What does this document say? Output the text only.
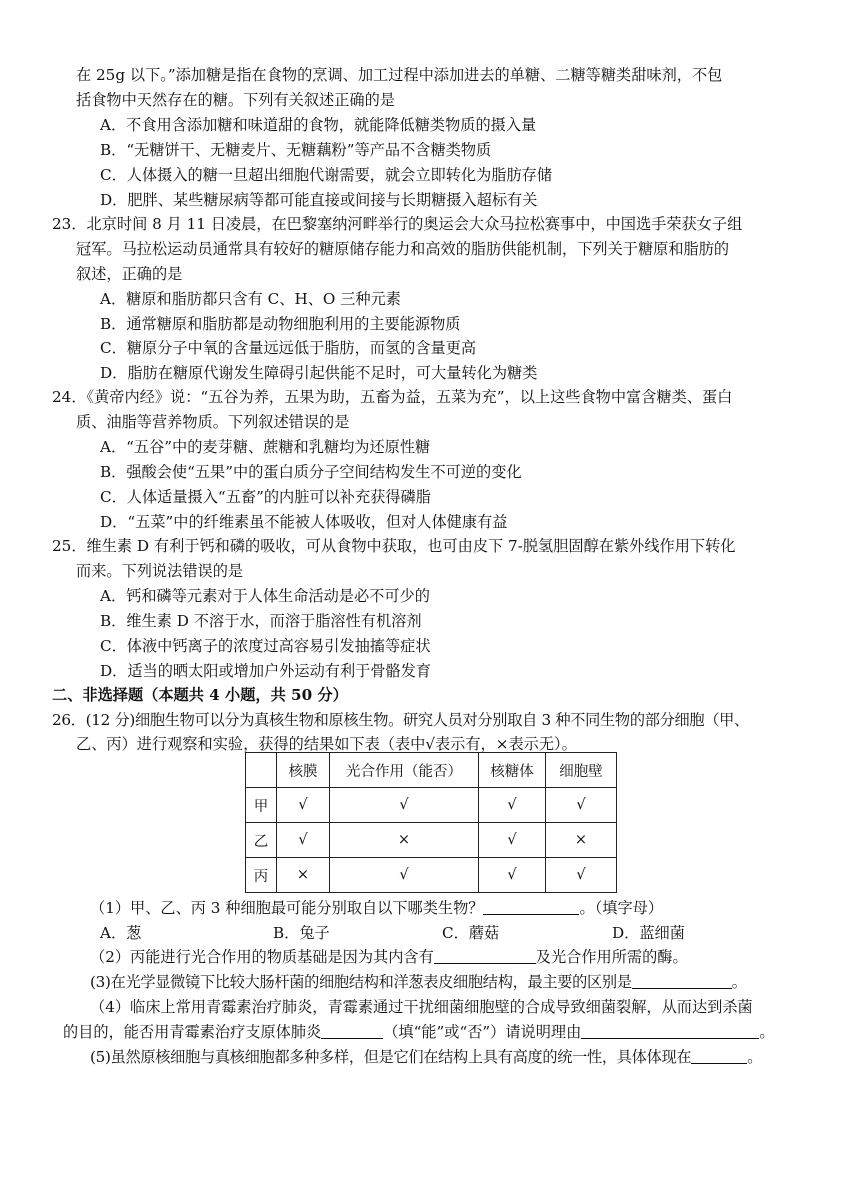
在 25g 以下。”添加糖是指在食物的烹调、加工过程中添加进去的单糖、二糖等糖类甜味剂，不包
括食物中天然存在的糖。下列有关叙述正确的是
A．不食用含添加糖和味道甜的食物，就能降低糖类物质的摄入量
B．“无糖饼干、无糖麦片、无糖藕粉”等产品不含糖类物质
C．人体摄入的糖一旦超出细胞代谢需要，就会立即转化为脂肪存储
D．肥胖、某些糖尿病等都可能直接或间接与长期糖摄入超标有关
23．北京时间 8 月 11 日凌晨，在巴黎塞纳河畔举行的奥运会大众马拉松赛事中，中国选手荣获女子组
冠军。马拉松运动员通常具有较好的糖原储存能力和高效的脂肪供能机制，下列关于糖原和脂肪的
叙述，正确的是
A．糖原和脂肪都只含有 C、H、O 三种元素
B．通常糖原和脂肪都是动物细胞利用的主要能源物质
C．糖原分子中氧的含量远远低于脂肪，而氢的含量更高
D．脂肪在糖原代谢发生障碍引起供能不足时，可大量转化为糖类
24．《黄帝内经》说：“五谷为养，五果为助，五畜为益，五菜为充”，以上这些食物中富含糖类、蛋白
质、油脂等营养物质。下列叙述错误的是
A．“五谷”中的麦芽糖、蔗糖和乳糖均为还原性糖
B．强酸会使“五果”中的蛋白质分子空间结构发生不可逆的变化
C．人体适量摄入“五畜”的内脏可以补充获得磷脂
D．“五菜”中的纤维素虽不能被人体吸收，但对人体健康有益
25．维生素 D 有利于钙和磷的吸收，可从食物中获取，也可由皮下 7-脱氢胆固醇在紫外线作用下转化
而来。下列说法错误的是
A．钙和磷等元素对于人体生命活动是必不可少的
B．维生素 D 不溶于水，而溶于脂溶性有机溶剂
C．体液中钙离子的浓度过高容易引发抽搐等症状
D．适当的晒太阳或增加户外运动有利于骨骼发育
二、非选择题（本题共 4 小题，共 50 分）
26．(12 分)细胞生物可以分为真核生物和原核生物。研究人员对分别取自 3 种不同生物的部分细胞（甲、
乙、丙）进行观察和实验，获得的结果如下表（表中√表示有，×表示无）。
	核膜	光合作用（能否）	核糖体	细胞壁
甲	√	√	√	√
乙	√	×	√	×
丙	×	√	√	√
（1）甲、乙、丙 3 种细胞最可能分别取自以下哪类生物？	。（填字母）
A．葱	B．兔子	C．蘑菇	D．蓝细菌
（2）丙能进行光合作用的物质基础是因为其内含有	及光合作用所需的酶。
(3)在光学显微镜下比较大肠杆菌的细胞结构和洋葱表皮细胞结构，最主要的区别是	。
（4）临床上常用青霉素治疗肺炎，青霉素通过干扰细菌细胞壁的合成导致细菌裂解，从而达到杀菌
的目的，能否用青霉素治疗支原体肺炎	（填“能”或“否”）请说明理由	。
(5)虽然原核细胞与真核细胞都多种多样，但是它们在结构上具有高度的统一性，具体体现在	。
